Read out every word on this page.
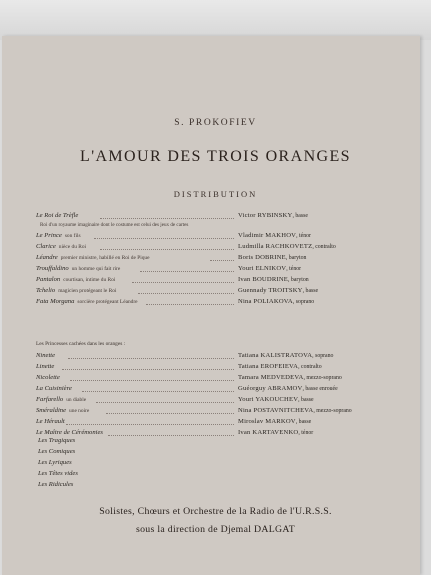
S. PROKOFIEV
L'AMOUR DES TROIS ORANGES
DISTRIBUTION
Le Roi de Trèfle	Victor RYBINSKY, basse
Le Prince son fils	Vladimir MAKHOV, ténor
Clarice nièce du Roi	Ludmilla RACHKOVETZ, contralto
Léandre premier ministre, habillé en Roi de Pique	Boris DOBRINE, baryton
Trouffaldino un homme qui fait rire	Youri ELNIKOV, ténor
Pantalon courtisan, intime du Roi	Ivan BOUDRINE, baryton
Tchelio magicien protégeant le Roi	Guennady TROITSKY, basse
Fata Morgana sorcière protégeant Léandre	Nina POLIAKOVA, soprano
Ninette	Tatiana KALISTRATOVA, soprano
Linette	Tatiana EROFEIEVA, contralto
Nicolette	Tamara MEDVEDEVA, mezzo-soprano
La Cuisinière	Guéorguy ABRAMOV, basse enrouée
Farfarello un diable	Youri YAKOUCHEV, basse
Sméraldine une noire	Nina POSTAVNITCHEVA, mezzo-soprano
Le Hérault	Miroslav MARKOV, basse
Le Maître de Cérémonies	Ivan KARTAVENKO, ténor
Roi d'un royaume imaginaire dont le costume est celui des jeux de cartes
Les Princesses cachées dans les oranges :
Les Tragiques
Les Comiques
Les Lyriques
Les Têtes vides
Les Ridicules
Solistes, Chœurs et Orchestre de la Radio de l'U.R.S.S.
sous la direction de Djemal DALGAT
